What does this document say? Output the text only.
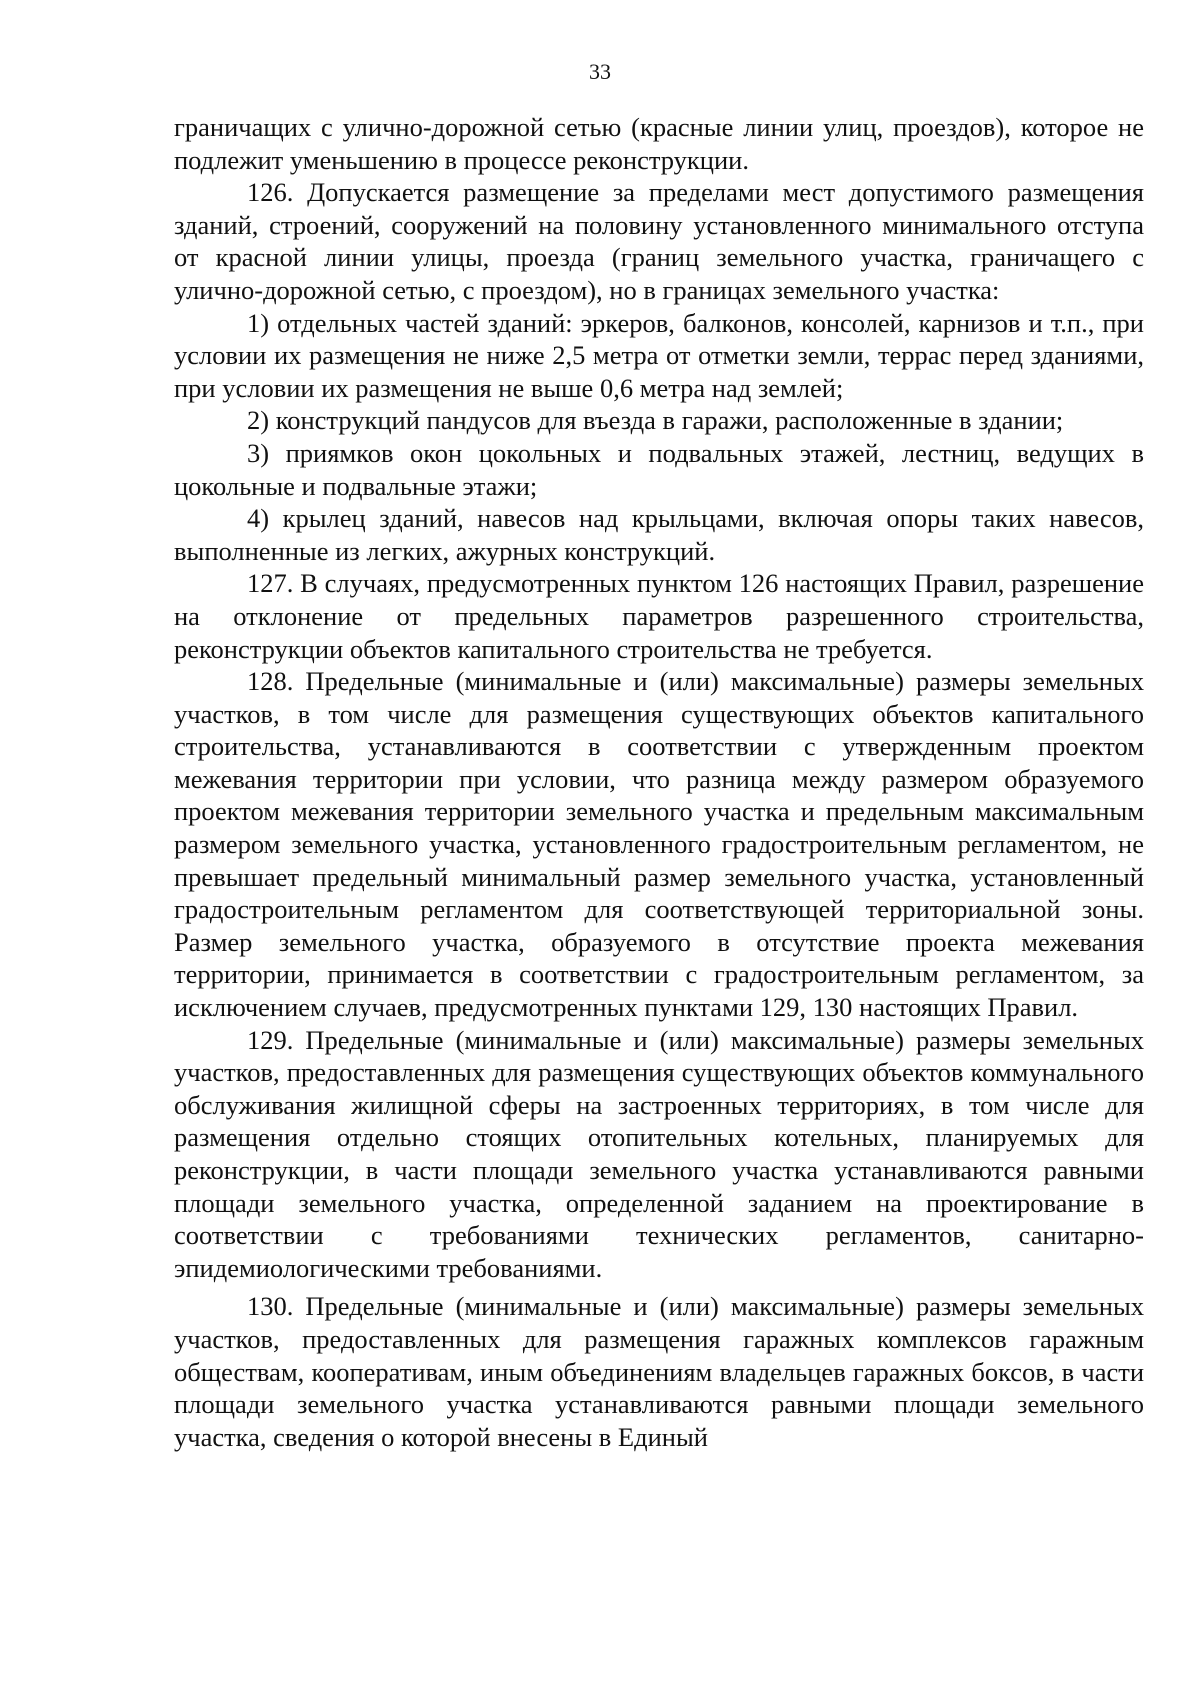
33

граничащих с улично-дорожной сетью (красные линии улиц, проездов), которое не подлежит уменьшению в процессе реконструкции.

126. Допускается размещение за пределами мест допустимого размещения зданий, строений, сооружений на половину установленного минимального отступа от красной линии улицы, проезда (границ земельного участка, граничащего с улично-дорожной сетью, с проездом), но в границах земельного участка:

1) отдельных частей зданий: эркеров, балконов, консолей, карнизов и т.п., при условии их размещения не ниже 2,5 метра от отметки земли, террас перед зданиями, при условии их размещения не выше 0,6 метра над землей;

2) конструкций пандусов для въезда в гаражи, расположенные в здании;

3) приямков окон цокольных и подвальных этажей, лестниц, ведущих в цокольные и подвальные этажи;

4) крылец зданий, навесов над крыльцами, включая опоры таких навесов, выполненные из легких, ажурных конструкций.

127. В случаях, предусмотренных пунктом 126 настоящих Правил, разрешение на отклонение от предельных параметров разрешенного строительства, реконструкции объектов капитального строительства не требуется.

128. Предельные (минимальные и (или) максимальные) размеры земельных участков, в том числе для размещения существующих объектов капитального строительства, устанавливаются в соответствии с утвержденным проектом межевания территории при условии, что разница между размером образуемого проектом межевания территории земельного участка и предельным максимальным размером земельного участка, установленного градостроительным регламентом, не превышает предельный минимальный размер земельного участка, установленный градостроительным регламентом для соответствующей территориальной зоны. Размер земельного участка, образуемого в отсутствие проекта межевания территории, принимается в соответствии с градостроительным регламентом, за исключением случаев, предусмотренных пунктами 129, 130 настоящих Правил.

129. Предельные (минимальные и (или) максимальные) размеры земельных участков, предоставленных для размещения существующих объектов коммунального обслуживания жилищной сферы на застроенных территориях, в том числе для размещения отдельно стоящих отопительных котельных, планируемых для реконструкции, в части площади земельного участка устанавливаются равными площади земельного участка, определенной заданием на проектирование в соответствии с требованиями технических регламентов, санитарно-эпидемиологическими требованиями.

130. Предельные (минимальные и (или) максимальные) размеры земельных участков, предоставленных для размещения гаражных комплексов гаражным обществам, кооперативам, иным объединениям владельцев гаражных боксов, в части площади земельного участка устанавливаются равными площади земельного участка, сведения о которой внесены в Единый
